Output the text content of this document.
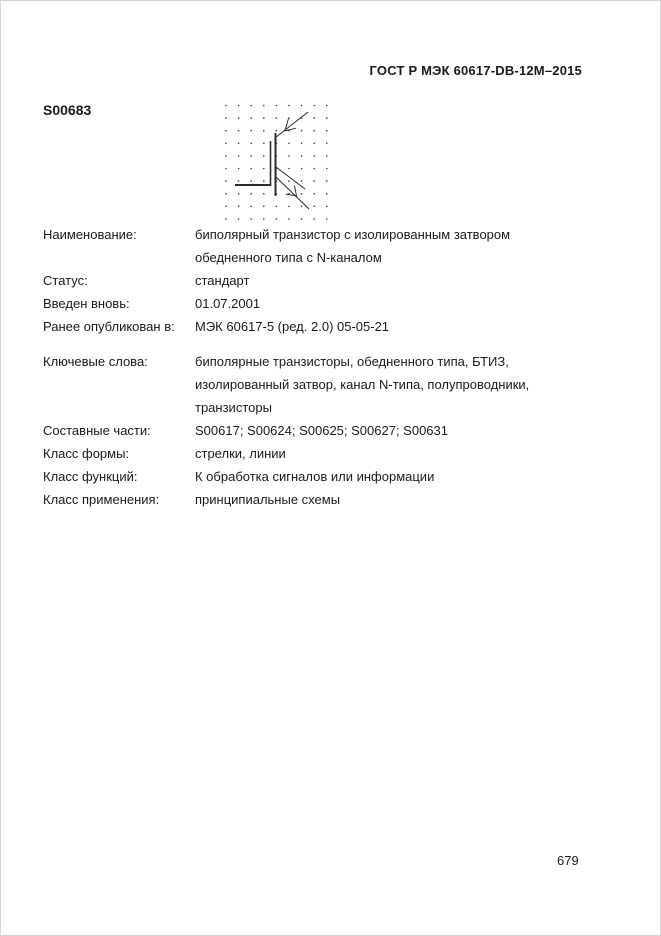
ГОСТ Р МЭК 60617-DB-12M–2015
S00683
Наименование:	биполярный транзистор с изолированным затвором
обедненного типа с N-каналом
Статус:	стандарт
Введен вновь:	01.07.2001
Ранее опубликован в:	МЭК 60617-5 (ред. 2.0) 05-05-21
Ключевые слова:	биполярные транзисторы, обедненного типа, БТИЗ,
изолированный затвор, канал N-типа, полупроводники,
транзисторы
Составные части:	S00617; S00624; S00625; S00627; S00631
Класс формы:	стрелки, линии
Класс функций:	К обработка сигналов или информации
Класс применения:	принципиальные схемы
679
